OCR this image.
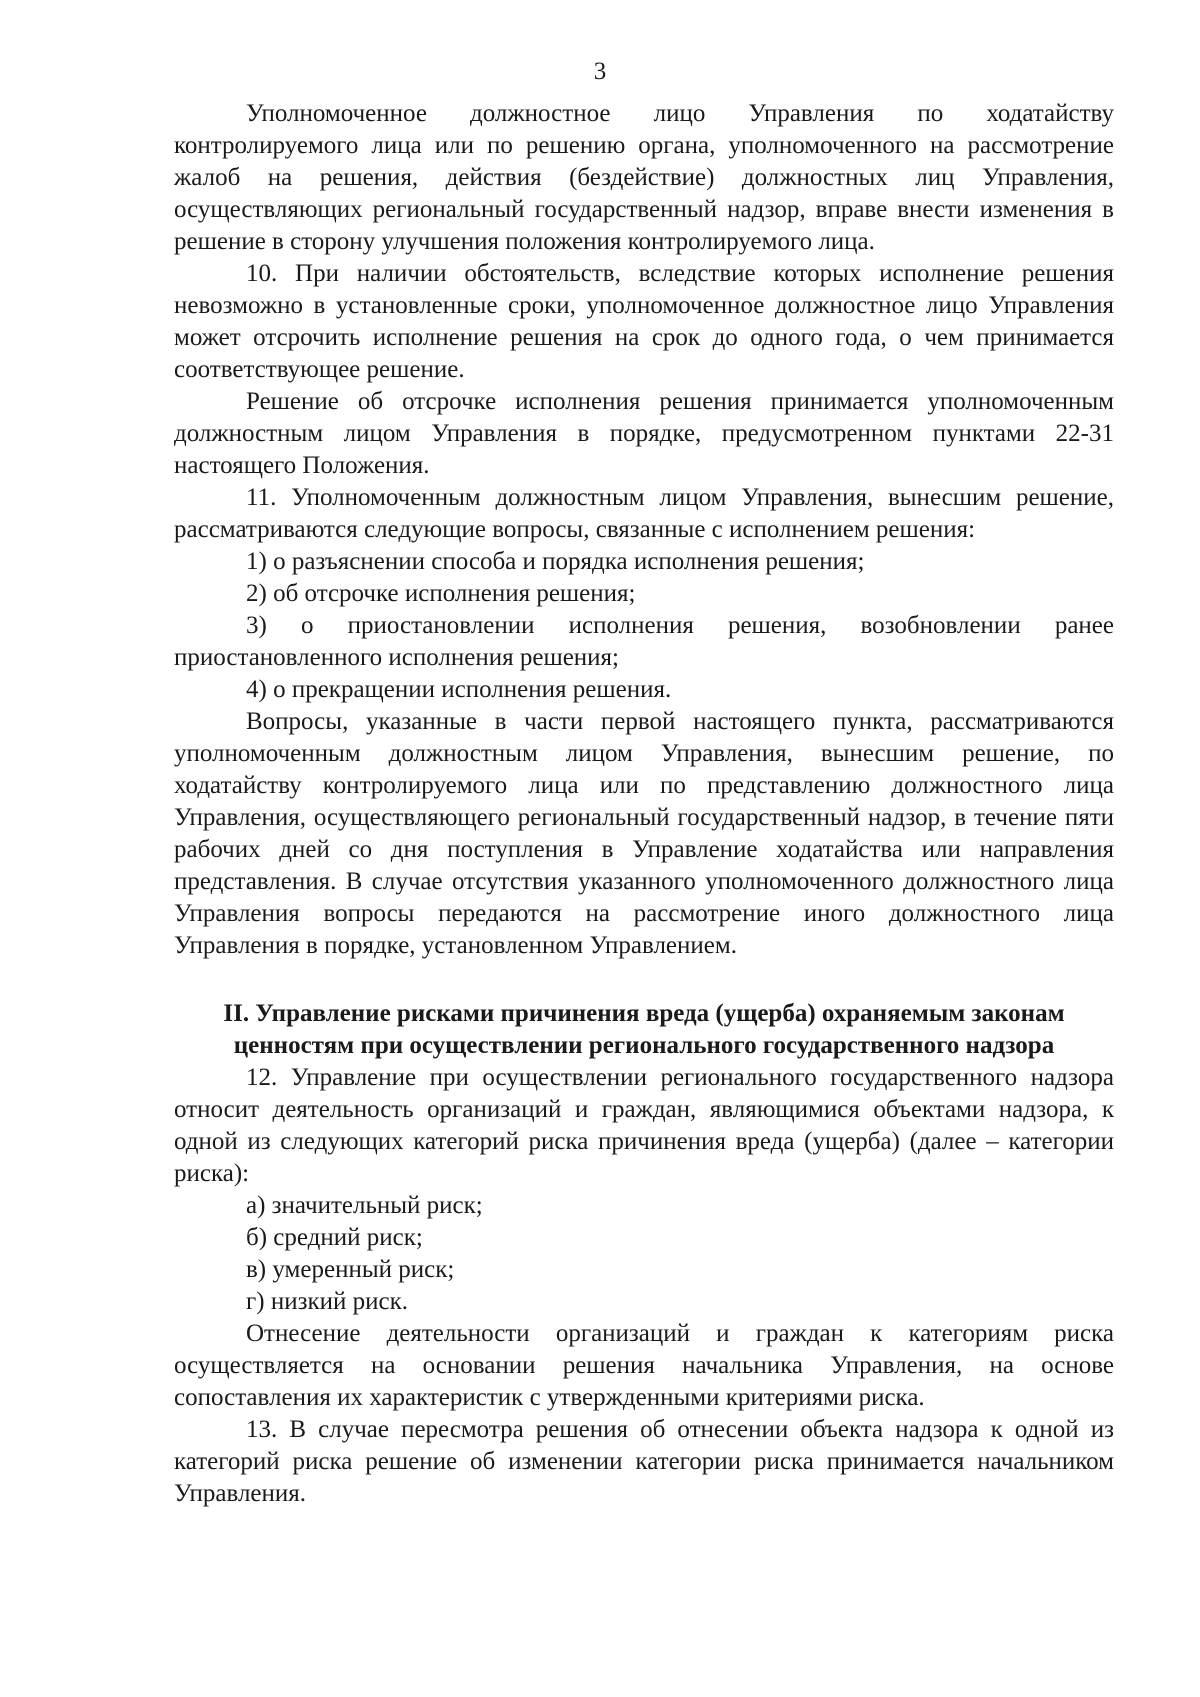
3

Уполномоченное должностное лицо Управления по ходатайству контролируемого лица или по решению органа, уполномоченного на рассмотрение жалоб на решения, действия (бездействие) должностных лиц Управления, осуществляющих региональный государственный надзор, вправе внести изменения в решение в сторону улучшения положения контролируемого лица.

10. При наличии обстоятельств, вследствие которых исполнение решения невозможно в установленные сроки, уполномоченное должностное лицо Управления может отсрочить исполнение решения на срок до одного года, о чем принимается соответствующее решение.

Решение об отсрочке исполнения решения принимается уполномоченным должностным лицом Управления в порядке, предусмотренном пунктами 22-31 настоящего Положения.

11. Уполномоченным должностным лицом Управления, вынесшим решение, рассматриваются следующие вопросы, связанные с исполнением решения:

1) о разъяснении способа и порядка исполнения решения;

2) об отсрочке исполнения решения;

3) о приостановлении исполнения решения, возобновлении ранее приостановленного исполнения решения;

4) о прекращении исполнения решения.

Вопросы, указанные в части первой настоящего пункта, рассматриваются уполномоченным должностным лицом Управления, вынесшим решение, по ходатайству контролируемого лица или по представлению должностного лица Управления, осуществляющего региональный государственный надзор, в течение пяти рабочих дней со дня поступления в Управление ходатайства или направления представления. В случае отсутствия указанного уполномоченного должностного лица Управления вопросы передаются на рассмотрение иного должностного лица Управления в порядке, установленном Управлением.

II. Управление рисками причинения вреда (ущерба) охраняемым законам ценностям при осуществлении регионального государственного надзора

12. Управление при осуществлении регионального государственного надзора относит деятельность организаций и граждан, являющимися объектами надзора, к одной из следующих категорий риска причинения вреда (ущерба) (далее – категории риска):

а) значительный риск;

б) средний риск;

в) умеренный риск;

г) низкий риск.

Отнесение деятельности организаций и граждан к категориям риска осуществляется на основании решения начальника Управления, на основе сопоставления их характеристик с утвержденными критериями риска.

13. В случае пересмотра решения об отнесении объекта надзора к одной из категорий риска решение об изменении категории риска принимается начальником Управления.
